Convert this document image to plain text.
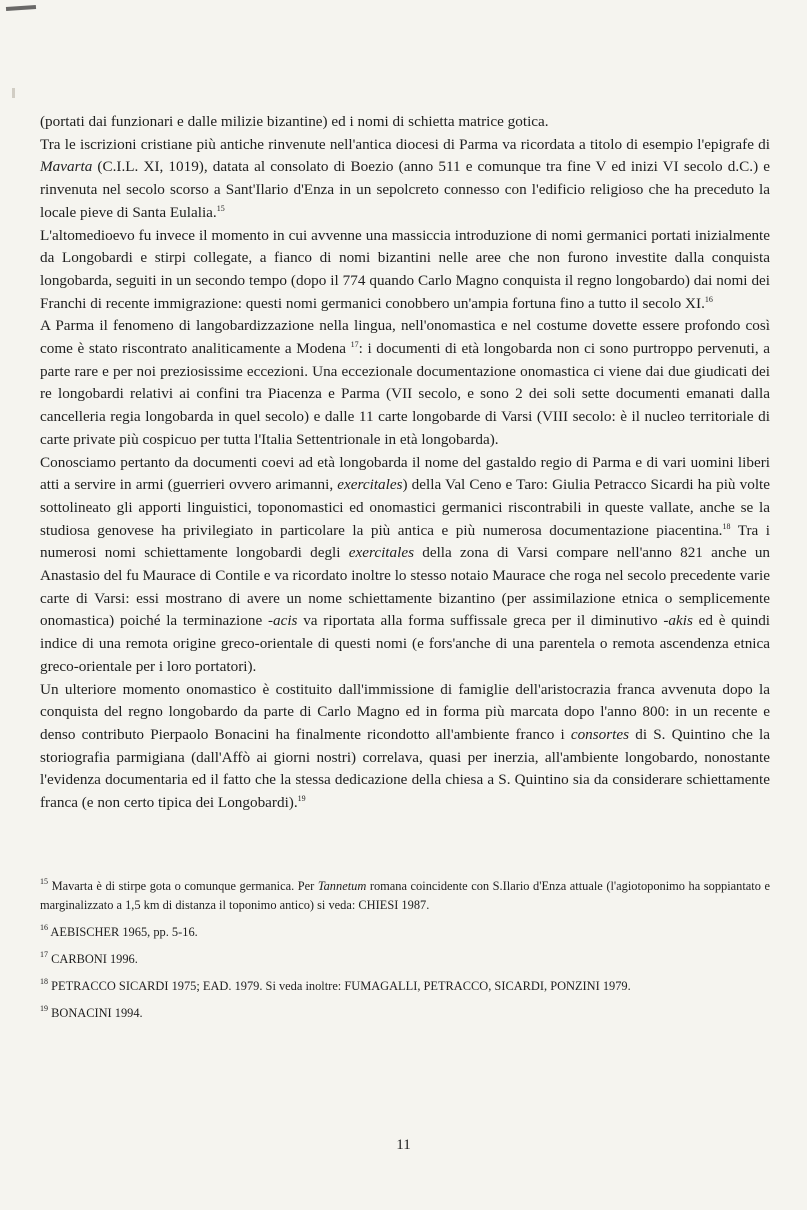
(portati dai funzionari e dalle milizie bizantine) ed i nomi di schietta matrice gotica.

Tra le iscrizioni cristiane più antiche rinvenute nell'antica diocesi di Parma va ricordata a titolo di esempio l'epigrafe di Mavarta (C.I.L. XI, 1019), datata al consolato di Boezio (anno 511 e comunque tra fine V ed inizi VI secolo d.C.) e rinvenuta nel secolo scorso a Sant'Ilario d'Enza in un sepolcreto connesso con l'edificio religioso che ha preceduto la locale pieve di Santa Eulalia.$^{15}$

L'altomedioevo fu invece il momento in cui avvenne una massiccia introduzione di nomi germanici portati inizialmente da Longobardi e stirpi collegate, a fianco di nomi bizantini nelle aree che non furono investite dalla conquista longobarda, seguiti in un secondo tempo (dopo il 774 quando Carlo Magno conquista il regno longobardo) dai nomi dei Franchi di recente immigrazione: questi nomi germanici conobbero un'ampia fortuna fino a tutto il secolo XI.$^{16}$

A Parma il fenomeno di langobardizzazione nella lingua, nell'onomastica e nel costume dovette essere profondo così come è stato riscontrato analiticamente a Modena $^{17}$: i documenti di età longobarda non ci sono purtroppo pervenuti, a parte rare e per noi preziosissime eccezioni. Una eccezionale documentazione onomastica ci viene dai due giudicati dei re longobardi relativi ai confini tra Piacenza e Parma (VII secolo, e sono 2 dei soli sette documenti emanati dalla cancelleria regia longobarda in quel secolo) e dalle 11 carte longobarde di Varsi (VIII secolo: è il nucleo territoriale di carte private più cospicuo per tutta l'Italia Settentrionale in età longobarda).

Conosciamo pertanto da documenti coevi ad età longobarda il nome del gastaldo regio di Parma e di vari uomini liberi atti a servire in armi (guerrieri ovvero arimanni, exercitales) della Val Ceno e Taro: Giulia Petracco Sicardi ha più volte sottolineato gli apporti linguistici, toponomastici ed onomastici germanici riscontrabili in queste vallate, anche se la studiosa genovese ha privilegiato in particolare la più antica e più numerosa documentazione piacentina.$^{18}$ Tra i numerosi nomi schiettamente longobardi degli exercitales della zona di Varsi compare nell'anno 821 anche un Anastasio del fu Maurace di Contile e va ricordato inoltre lo stesso notaio Maurace che roga nel secolo precedente varie carte di Varsi: essi mostrano di avere un nome schiettamente bizantino (per assimilazione etnica o semplicemente onomastica) poiché la terminazione -acis va riportata alla forma suffissale greca per il diminutivo -akis ed è quindi indice di una remota origine greco-orientale di questi nomi (e fors'anche di una parentela o remota ascendenza etnica greco-orientale per i loro portatori).

Un ulteriore momento onomastico è costituito dall'immissione di famiglie dell'aristocrazia franca avvenuta dopo la conquista del regno longobardo da parte di Carlo Magno ed in forma più marcata dopo l'anno 800: in un recente e denso contributo Pierpaolo Bonacini ha finalmente ricondotto all'ambiente franco i consortes di S. Quintino che la storiografia parmigiana (dall'Affò ai giorni nostri) correlava, quasi per inerzia, all'ambiente longobardo, nonostante l'evidenza documentaria ed il fatto che la stessa dedicazione della chiesa a S. Quintino sia da considerare schiettamente franca (e non certo tipica dei Longobardi).$^{19}$

$^{15}$ Mavarta è di stirpe gota o comunque germanica. Per Tannetum romana coincidente con S.Ilario d'Enza attuale (l'agiotoponimo ha soppiantato e marginalizzato a 1,5 km di distanza il toponimo antico) si veda: CHIESI 1987.

$^{16}$ AEBISCHER 1965, pp. 5-16.

$^{17}$ CARBONI 1996.

$^{18}$ PETRACCO SICARDI 1975; EAD. 1979. Si veda inoltre: FUMAGALLI, PETRACCO, SICARDI, PONZINI 1979.

$^{19}$ BONACINI 1994.

11
